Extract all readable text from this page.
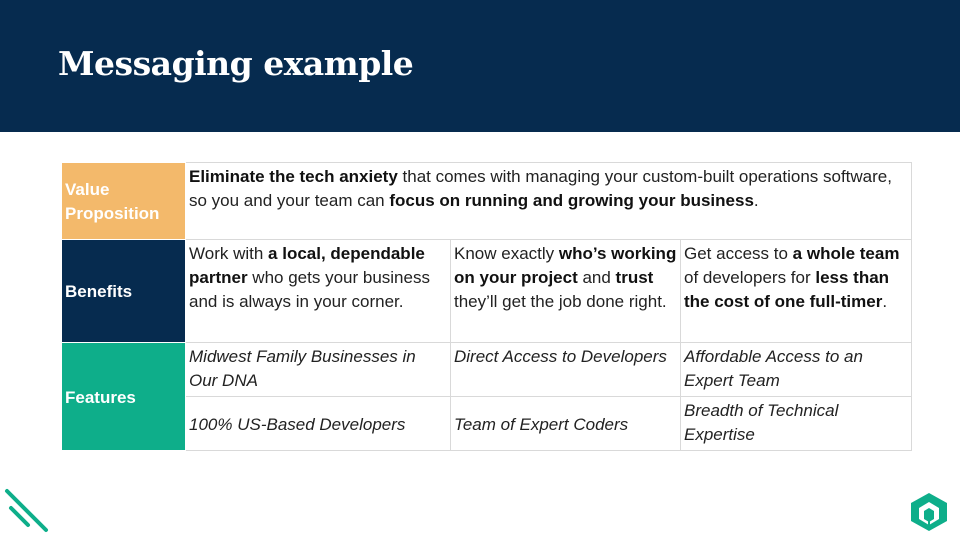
Messaging example
Value Proposition	Eliminate the tech anxiety that comes with managing your custom-built operations software, so you and your team can focus on running and growing your business.		
Benefits	Work with a local, dependable partner who gets your business and is always in your corner.	Know exactly who’s working on your project and trust they’ll get the job done right.	Get access to a whole team of developers for less than the cost of one full-timer.
Features	Midwest Family Businesses in Our DNA	Direct Access to Developers	Affordable Access to an Expert Team
	100% US-Based Developers	Team of Expert Coders	Breadth of Technical Expertise
